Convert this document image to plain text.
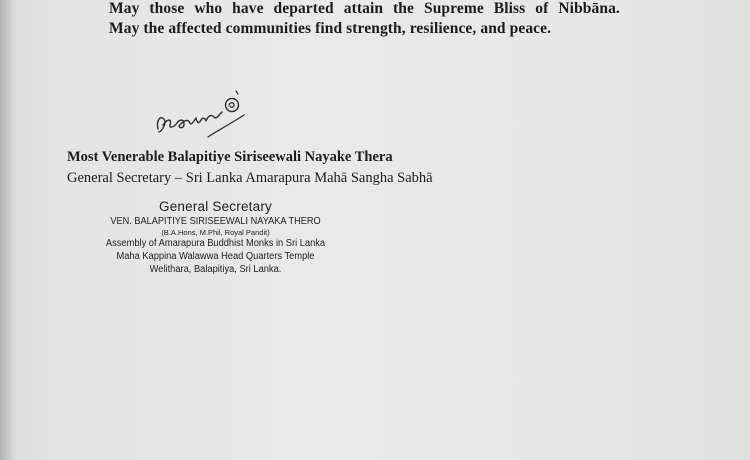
May those who have departed attain the Supreme Bliss of Nibbāna.

May the affected communities find strength, resilience, and peace.

Most Venerable Balapitiye Siriseewali Nayake Thera

General Secretary – Sri Lanka Amarapura Mahā Sangha Sabhā

General Secretary
VEN. BALAPITIYE SIRISEEWALI NAYAKA THERO
(B.A.Hons, M.Phil, Royal Pandit)
Assembly of Amarapura Buddhist Monks in Sri Lanka
Maha Kappina Walawwa Head Quarters Temple
Welithara, Balapitiya, Sri Lanka.
